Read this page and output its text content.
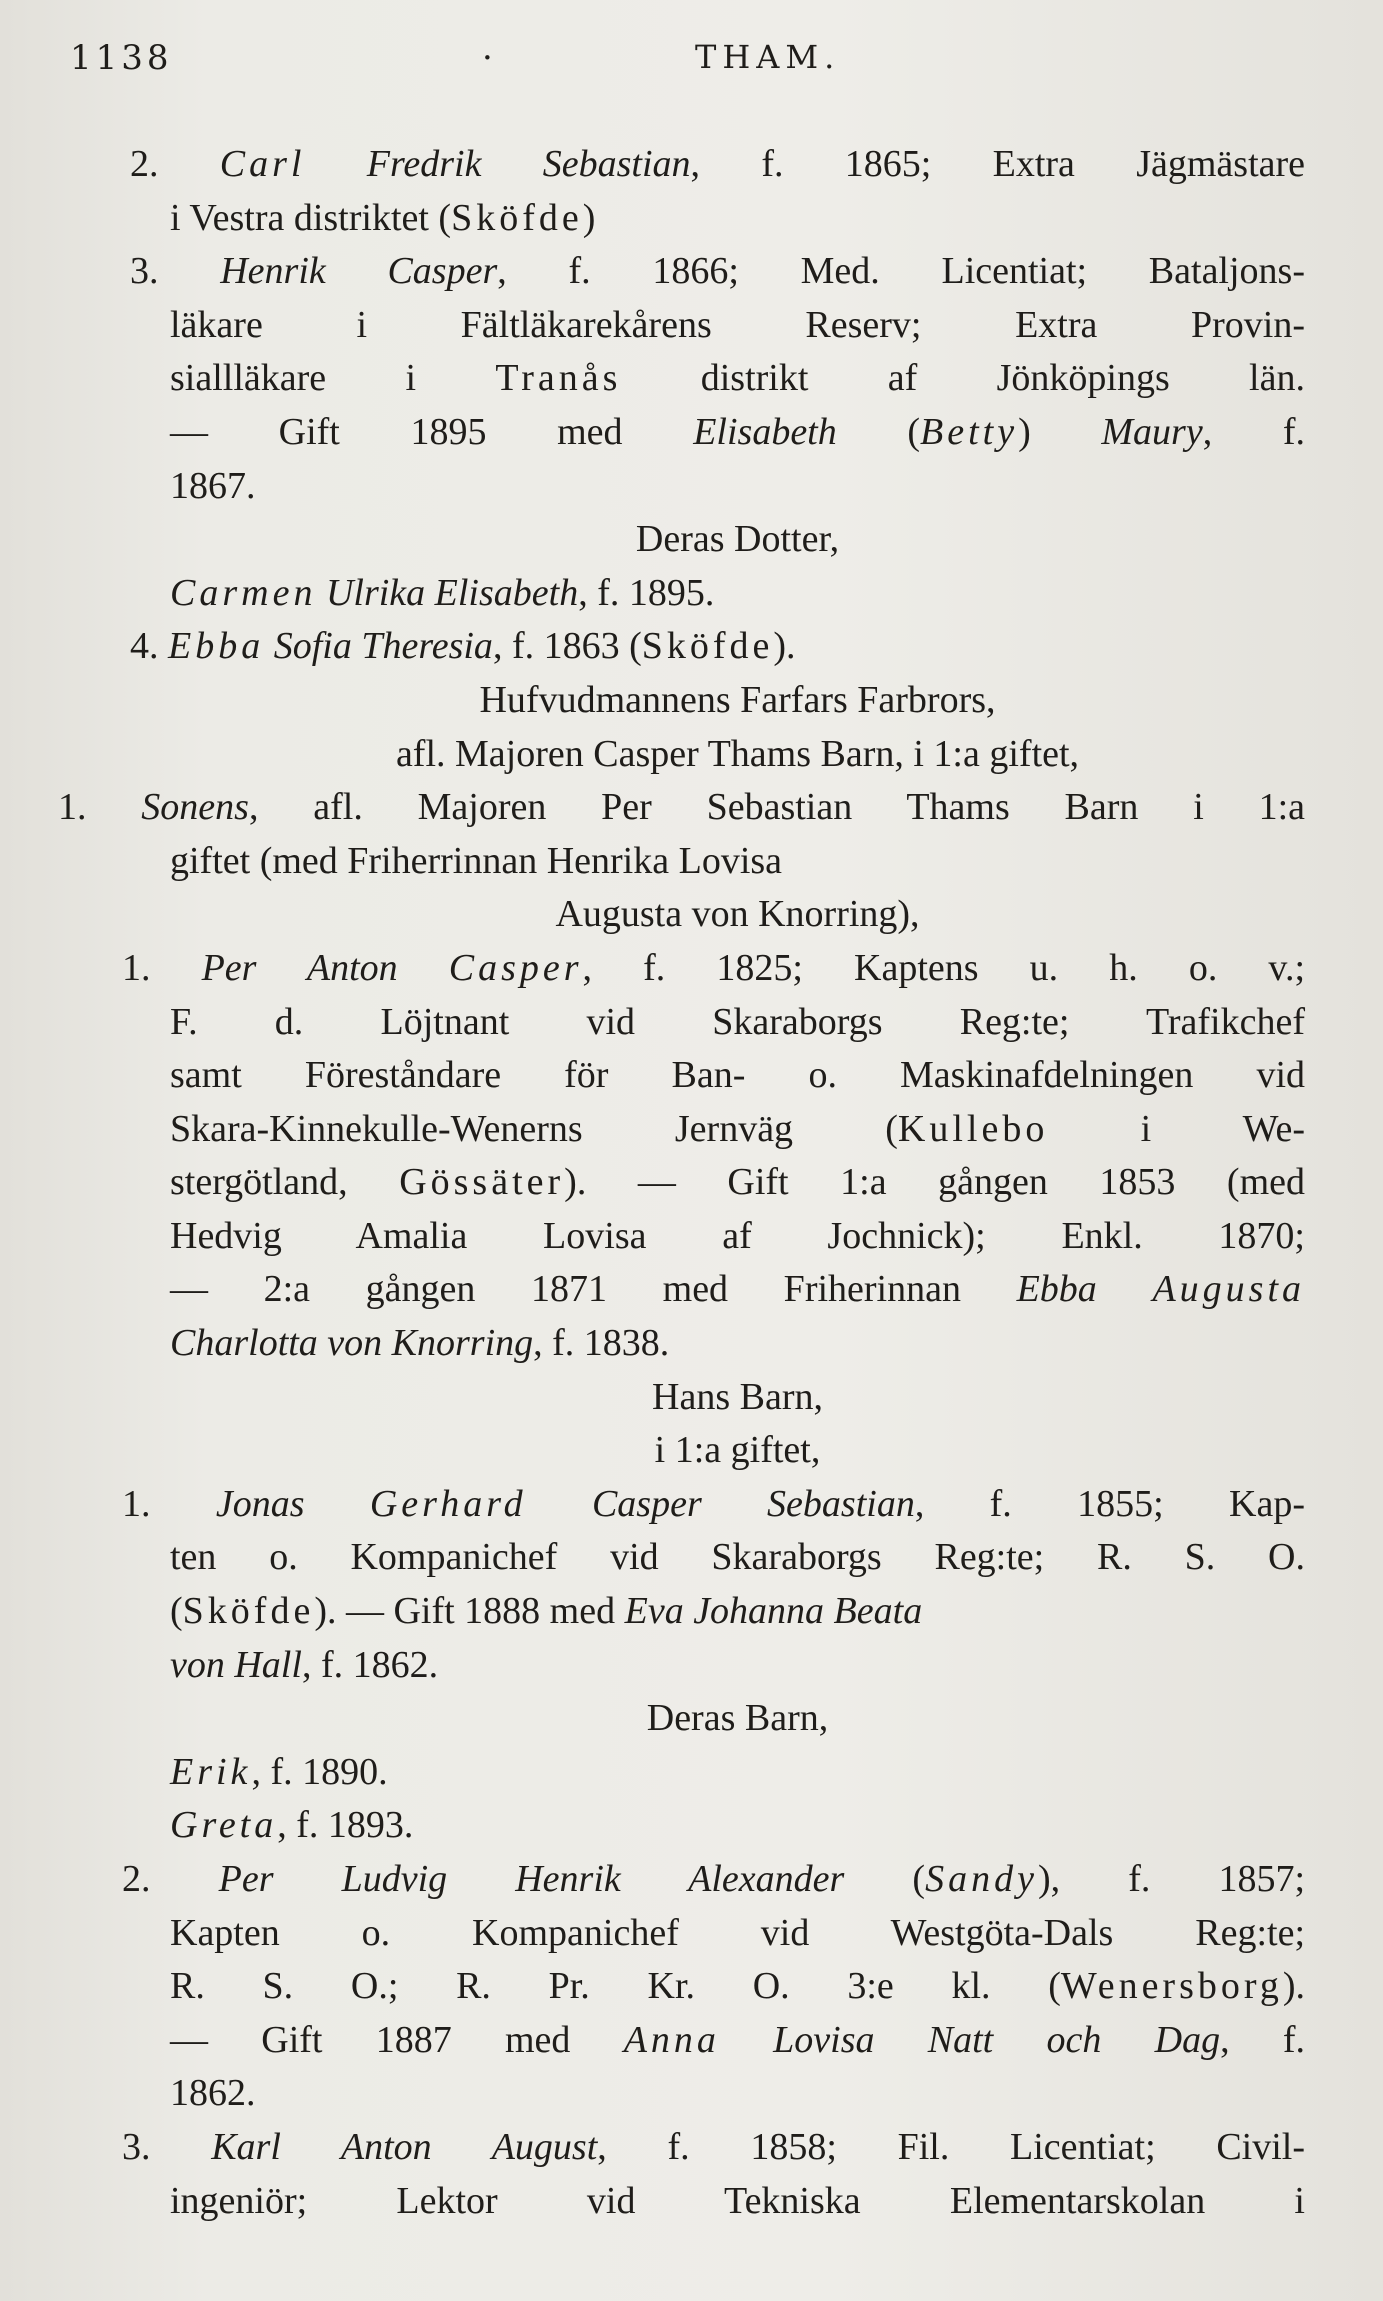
1138	·	THAM.
2. Carl Fredrik Sebastian, f. 1865; Extra Jägmästare
i Vestra distriktet (Sköfde)
3. Henrik Casper, f. 1866; Med. Licentiat; Bataljons-
läkare i Fältläkarekårens Reserv; Extra Provin-
siallläkare i Tranås distrikt af Jönköpings län.
— Gift 1895 med Elisabeth (Betty) Maury, f.
1867.
Deras Dotter,
Carmen Ulrika Elisabeth, f. 1895.
4. Ebba Sofia Theresia, f. 1863 (Sköfde).
Hufvudmannens Farfars Farbrors,
afl. Majoren Casper Thams Barn, i 1:a giftet,
1. Sonens, afl. Majoren Per Sebastian Thams Barn i 1:a
giftet (med Friherrinnan Henrika Lovisa
Augusta von Knorring),
1. Per Anton Casper, f. 1825; Kaptens u. h. o. v.;
F. d. Löjtnant vid Skaraborgs Reg:te; Trafikchef
samt Föreståndare för Ban- o. Maskinafdelningen vid
Skara-Kinnekulle-Wenerns Jernväg (Kullebo i We-
stergötland, Gössäter). — Gift 1:a gången 1853 (med
Hedvig Amalia Lovisa af Jochnick); Enkl. 1870;
— 2:a gången 1871 med Friherinnan Ebba Augusta
Charlotta von Knorring, f. 1838.
Hans Barn,
i 1:a giftet,
1. Jonas Gerhard Casper Sebastian, f. 1855; Kap-
ten o. Kompanichef vid Skaraborgs Reg:te; R. S. O.
(Sköfde). — Gift 1888 med Eva Johanna Beata
von Hall, f. 1862.
Deras Barn,
Erik, f. 1890.
Greta, f. 1893.
2. Per Ludvig Henrik Alexander (Sandy), f. 1857;
Kapten o. Kompanichef vid Westgöta-Dals Reg:te;
R. S. O.; R. Pr. Kr. O. 3:e kl. (Wenersborg).
— Gift 1887 med Anna Lovisa Natt och Dag, f.
1862.
3. Karl Anton August, f. 1858; Fil. Licentiat; Civil-
ingeniör; Lektor vid Tekniska Elementarskolan i
